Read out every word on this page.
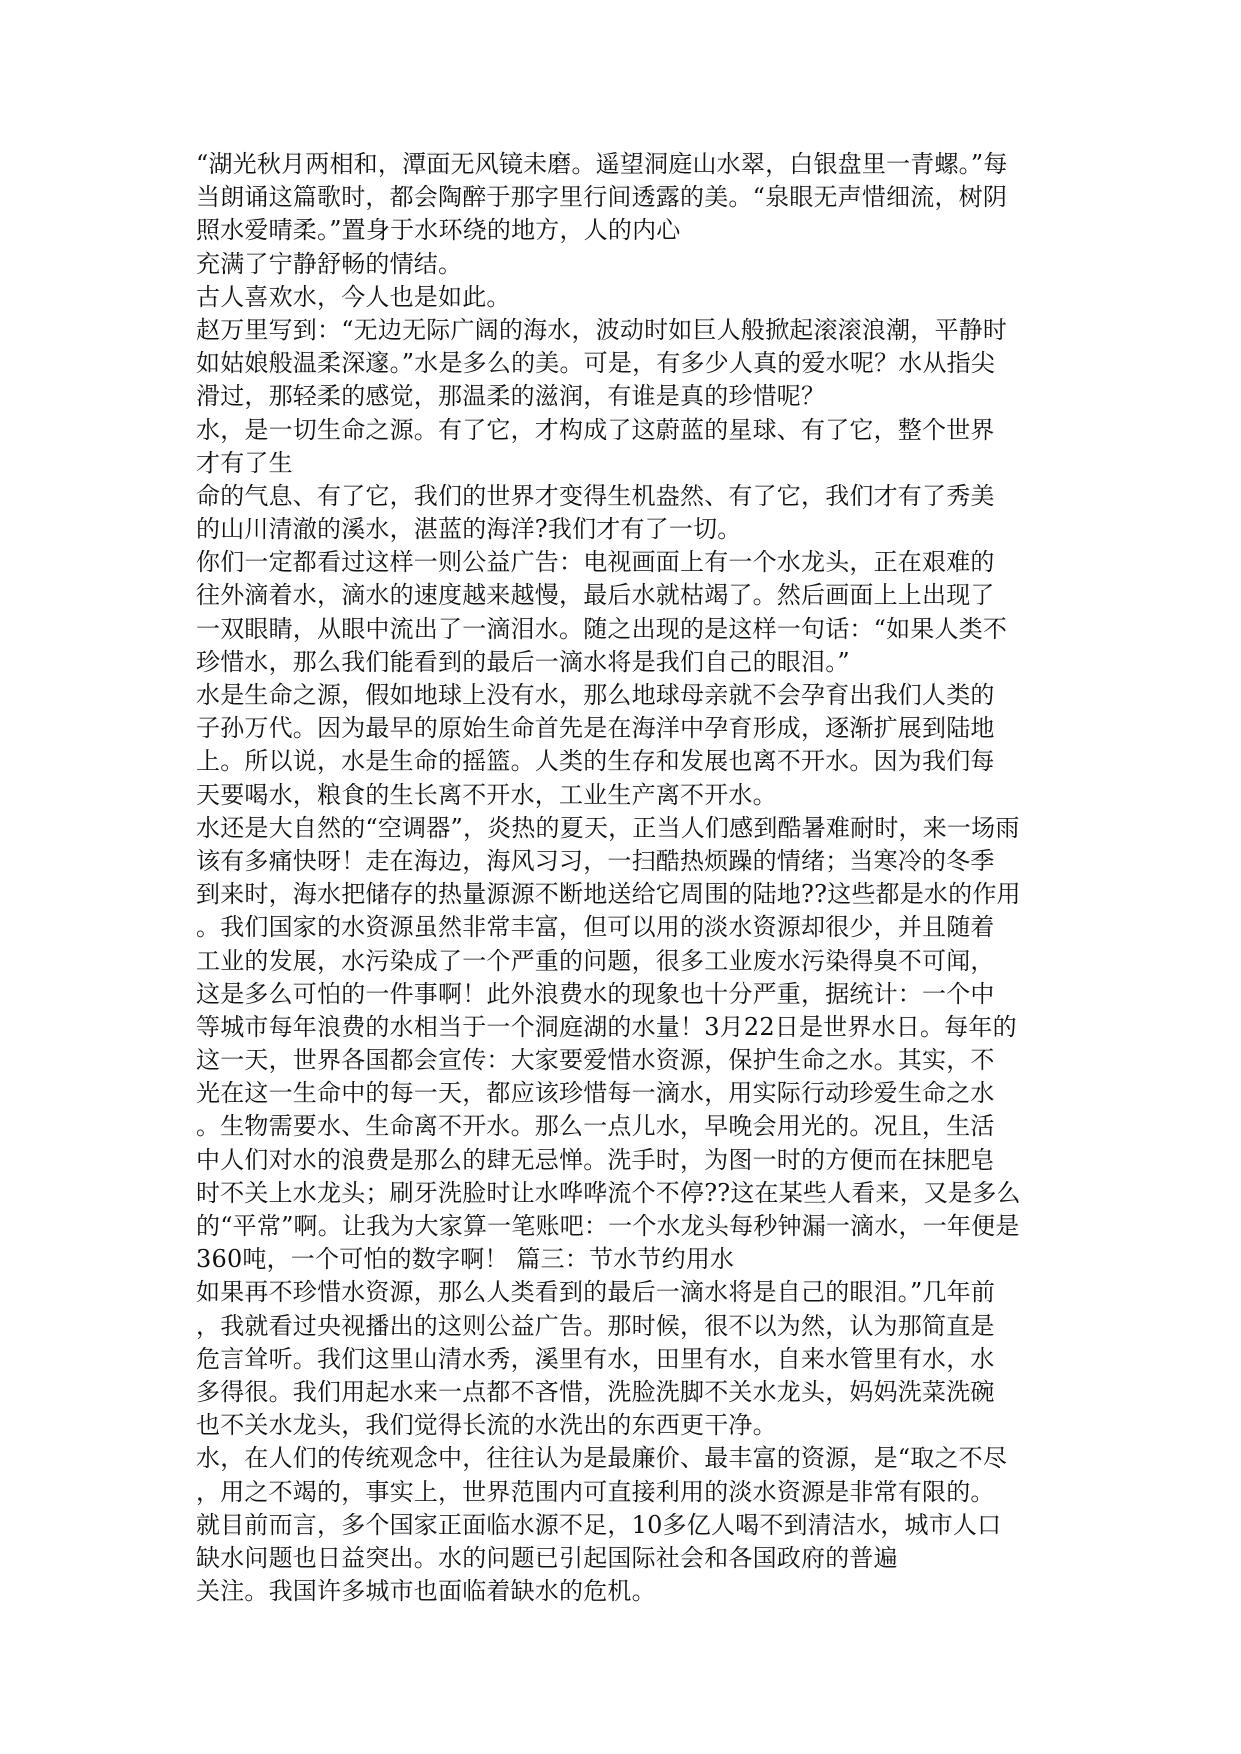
“湖光秋月两相和，潭面无风镜未磨。遥望洞庭山水翠，白银盘里一青螺。”每
当朗诵这篇歌时，都会陶醉于那字里行间透露的美。“泉眼无声惜细流，树阴
照水爱晴柔。”置身于水环绕的地方，人的内心
充满了宁静舒畅的情结。
古人喜欢水，今人也是如此。
赵万里写到：“无边无际广阔的海水，波动时如巨人般掀起滚滚浪潮，平静时
如姑娘般温柔深邃。”水是多么的美。可是，有多少人真的爱水呢？水从指尖
滑过，那轻柔的感觉，那温柔的滋润，有谁是真的珍惜呢？
水，是一切生命之源。有了它，才构成了这蔚蓝的星球、有了它，整个世界
才有了生
命的气息、有了它，我们的世界才变得生机盎然、有了它，我们才有了秀美
的山川清澈的溪水，湛蓝的海洋?我们才有了一切。
你们一定都看过这样一则公益广告：电视画面上有一个水龙头，正在艰难的
往外滴着水，滴水的速度越来越慢，最后水就枯竭了。然后画面上上出现了
一双眼睛，从眼中流出了一滴泪水。随之出现的是这样一句话：“如果人类不
珍惜水，那么我们能看到的最后一滴水将是我们自己的眼泪。”
水是生命之源，假如地球上没有水，那么地球母亲就不会孕育出我们人类的
子孙万代。因为最早的原始生命首先是在海洋中孕育形成，逐渐扩展到陆地
上。所以说，水是生命的摇篮。人类的生存和发展也离不开水。因为我们每
天要喝水，粮食的生长离不开水，工业生产离不开水。
水还是大自然的“空调器”，炎热的夏天，正当人们感到酷暑难耐时，来一场雨
该有多痛快呀！走在海边，海风习习，一扫酷热烦躁的情绪；当寒冷的冬季
到来时，海水把储存的热量源源不断地送给它周围的陆地??这些都是水的作用
。我们国家的水资源虽然非常丰富，但可以用的淡水资源却很少，并且随着
工业的发展，水污染成了一个严重的问题，很多工业废水污染得臭不可闻，
这是多么可怕的一件事啊！此外浪费水的现象也十分严重，据统计：一个中
等城市每年浪费的水相当于一个洞庭湖的水量！3月22日是世界水日。每年的
这一天，世界各国都会宣传：大家要爱惜水资源，保护生命之水。其实，不
光在这一生命中的每一天，都应该珍惜每一滴水，用实际行动珍爱生命之水
。生物需要水、生命离不开水。那么一点儿水，早晚会用光的。况且，生活
中人们对水的浪费是那么的肆无忌惮。洗手时，为图一时的方便而在抹肥皂
时不关上水龙头；刷牙洗脸时让水哗哗流个不停??这在某些人看来，又是多么
的“平常”啊。让我为大家算一笔账吧：一个水龙头每秒钟漏一滴水，一年便是
360吨，一个可怕的数字啊！ 篇三：节水节约用水
如果再不珍惜水资源，那么人类看到的最后一滴水将是自己的眼泪。”几年前
，我就看过央视播出的这则公益广告。那时候，很不以为然，认为那简直是
危言耸听。我们这里山清水秀，溪里有水，田里有水，自来水管里有水，水
多得很。我们用起水来一点都不吝惜，洗脸洗脚不关水龙头，妈妈洗菜洗碗
也不关水龙头，我们觉得长流的水洗出的东西更干净。
水，在人们的传统观念中，往往认为是最廉价、最丰富的资源，是“取之不尽
，用之不竭的，事实上，世界范围内可直接利用的淡水资源是非常有限的。
就目前而言，多个国家正面临水源不足，10多亿人喝不到清洁水，城市人口
缺水问题也日益突出。水的问题已引起国际社会和各国政府的普遍
关注。我国许多城市也面临着缺水的危机。
